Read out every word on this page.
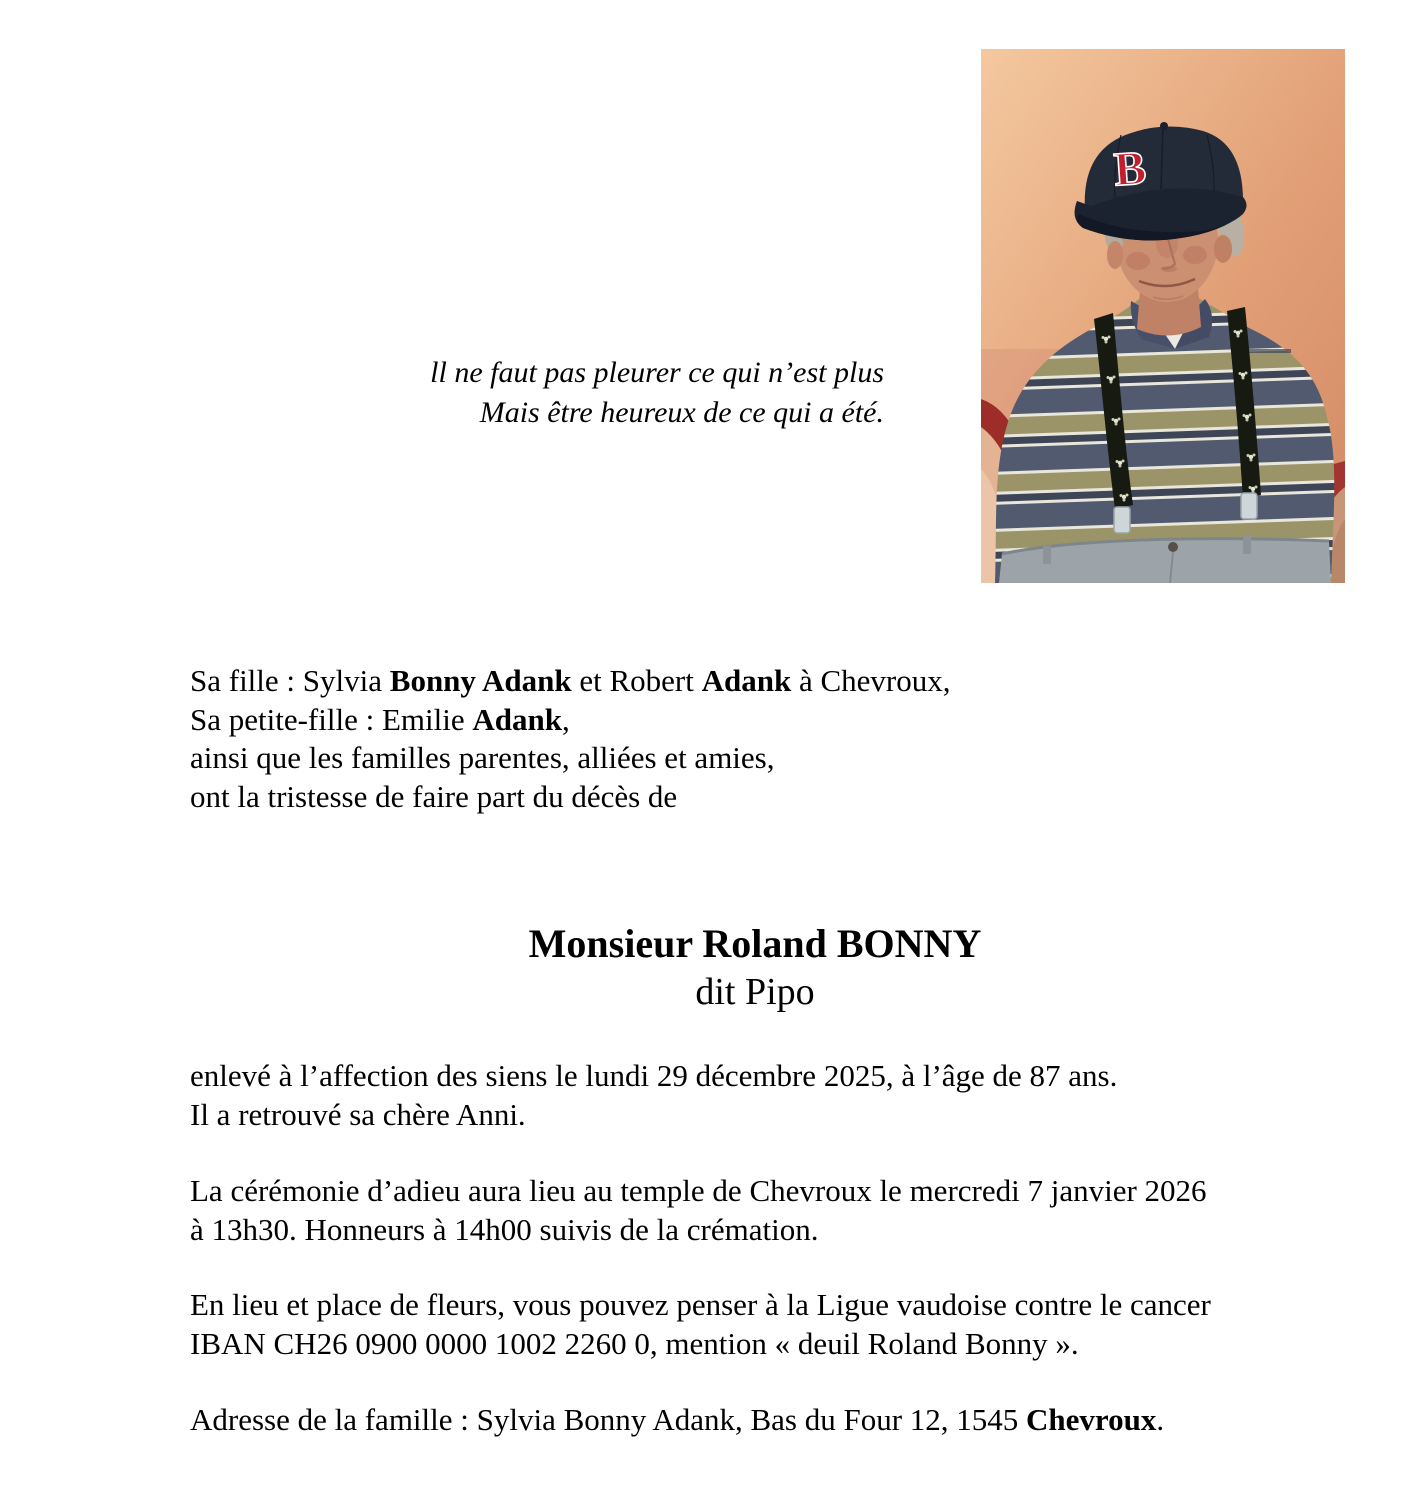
ll ne faut pas pleurer ce qui n’est plus
Mais être heureux de ce qui a été.
B
Sa fille : Sylvia Bonny Adank et Robert Adank à Chevroux,
Sa petite-fille : Emilie Adank,
ainsi que les familles parentes, alliées et amies,
ont la tristesse de faire part du décès de
Monsieur Roland BONNY
dit Pipo
enlevé à l’affection des siens le lundi 29 décembre 2025, à l’âge de 87 ans.
Il a retrouvé sa chère Anni.
La cérémonie d’adieu aura lieu au temple de Chevroux le mercredi 7 janvier 2026
à 13h30. Honneurs à 14h00 suivis de la crémation.
En lieu et place de fleurs, vous pouvez penser à la Ligue vaudoise contre le cancer
IBAN CH26 0900 0000 1002 2260 0, mention « deuil Roland Bonny ».
Adresse de la famille : Sylvia Bonny Adank, Bas du Four 12, 1545 Chevroux.
